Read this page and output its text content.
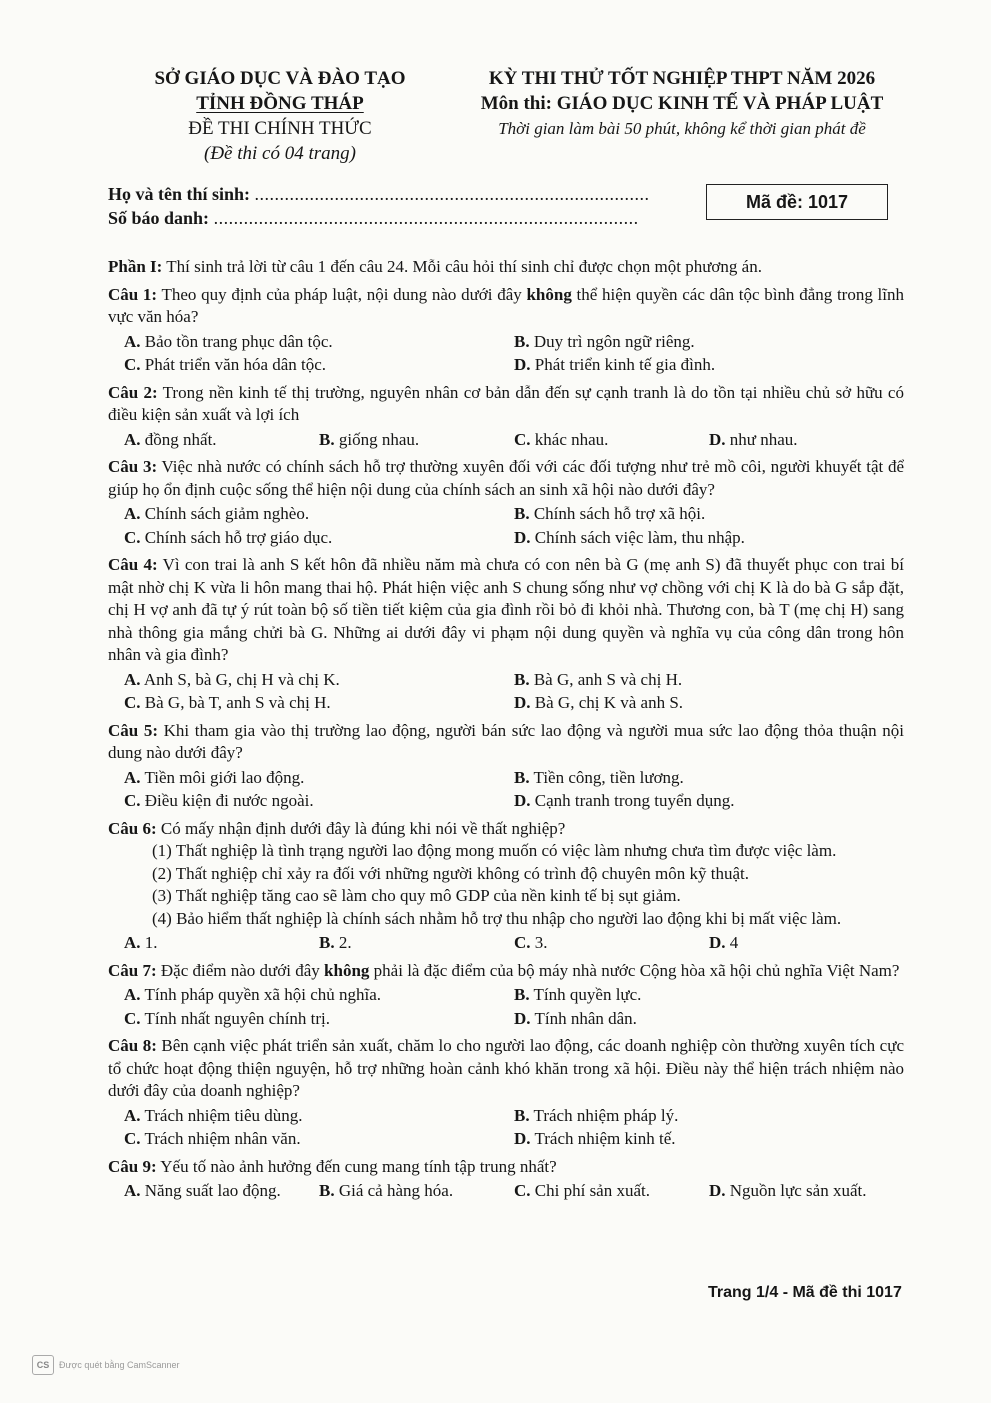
SỞ GIÁO DỤC VÀ ĐÀO TẠO
TỈNH ĐỒNG THÁP
ĐỀ THI CHÍNH THỨC
(Đề thi có 04 trang)
KỲ THI THỬ TỐT NGHIỆP THPT NĂM 2026
Môn thi: GIÁO DỤC KINH TẾ VÀ PHÁP LUẬT
Thời gian làm bài 50 phút, không kể thời gian phát đề
Họ và tên thí sinh: ...............................................................................
Số báo danh: .....................................................................................
Mã đề: 1017

Phần I: Thí sinh trả lời từ câu 1 đến câu 24. Mỗi câu hỏi thí sinh chỉ được chọn một phương án.

Câu 1: Theo quy định của pháp luật, nội dung nào dưới đây không thể hiện quyền các dân tộc bình đẳng trong lĩnh vực văn hóa?

A. Bảo tồn trang phục dân tộc.	B. Duy trì ngôn ngữ riêng.
C. Phát triển văn hóa dân tộc.	D. Phát triển kinh tế gia đình.

Câu 2: Trong nền kinh tế thị trường, nguyên nhân cơ bản dẫn đến sự cạnh tranh là do tồn tại nhiều chủ sở hữu có điều kiện sản xuất và lợi ích

A. đồng nhất.	B. giống nhau.	C. khác nhau.	D. như nhau.

Câu 3: Việc nhà nước có chính sách hỗ trợ thường xuyên đối với các đối tượng như trẻ mồ côi, người khuyết tật để giúp họ ổn định cuộc sống thể hiện nội dung của chính sách an sinh xã hội nào dưới đây?

A. Chính sách giảm nghèo.	B. Chính sách hỗ trợ xã hội.
C. Chính sách hỗ trợ giáo dục.	D. Chính sách việc làm, thu nhập.

Câu 4: Vì con trai là anh S kết hôn đã nhiều năm mà chưa có con nên bà G (mẹ anh S) đã thuyết phục con trai bí mật nhờ chị K vừa li hôn mang thai hộ. Phát hiện việc anh S chung sống như vợ chồng với chị K là do bà G sắp đặt, chị H vợ anh đã tự ý rút toàn bộ số tiền tiết kiệm của gia đình rồi bỏ đi khỏi nhà. Thương con, bà T (mẹ chị H) sang nhà thông gia mắng chửi bà G. Những ai dưới đây vi phạm nội dung quyền và nghĩa vụ của công dân trong hôn nhân và gia đình?

A. Anh S, bà G, chị H và chị K.	B. Bà G, anh S và chị H.
C. Bà G, bà T, anh S và chị H.	D. Bà G, chị K và anh S.

Câu 5: Khi tham gia vào thị trường lao động, người bán sức lao động và người mua sức lao động thỏa thuận nội dung nào dưới đây?

A. Tiền môi giới lao động.	B. Tiền công, tiền lương.
C. Điều kiện đi nước ngoài.	D. Cạnh tranh trong tuyển dụng.

Câu 6: Có mấy nhận định dưới đây là đúng khi nói về thất nghiệp?

(1) Thất nghiệp là tình trạng người lao động mong muốn có việc làm nhưng chưa tìm được việc làm.
(2) Thất nghiệp chỉ xảy ra đối với những người không có trình độ chuyên môn kỹ thuật.
(3) Thất nghiệp tăng cao sẽ làm cho quy mô GDP của nền kinh tế bị sụt giảm.
(4) Bảo hiểm thất nghiệp là chính sách nhằm hỗ trợ thu nhập cho người lao động khi bị mất việc làm.
A. 1.	B. 2.	C. 3.	D. 4

Câu 7: Đặc điểm nào dưới đây không phải là đặc điểm của bộ máy nhà nước Cộng hòa xã hội chủ nghĩa Việt Nam?

A. Tính pháp quyền xã hội chủ nghĩa.	B. Tính quyền lực.
C. Tính nhất nguyên chính trị.	D. Tính nhân dân.

Câu 8: Bên cạnh việc phát triển sản xuất, chăm lo cho người lao động, các doanh nghiệp còn thường xuyên tích cực tổ chức hoạt động thiện nguyện, hỗ trợ những hoàn cảnh khó khăn trong xã hội. Điều này thể hiện trách nhiệm nào dưới đây của doanh nghiệp?

A. Trách nhiệm tiêu dùng.	B. Trách nhiệm pháp lý.
C. Trách nhiệm nhân văn.	D. Trách nhiệm kinh tế.

Câu 9: Yếu tố nào ảnh hưởng đến cung mang tính tập trung nhất?

A. Năng suất lao động.	B. Giá cả hàng hóa.	C. Chi phí sản xuất.	D. Nguồn lực sản xuất.
Trang 1/4 - Mã đề thi 1017
CS	Được quét bằng CamScanner
